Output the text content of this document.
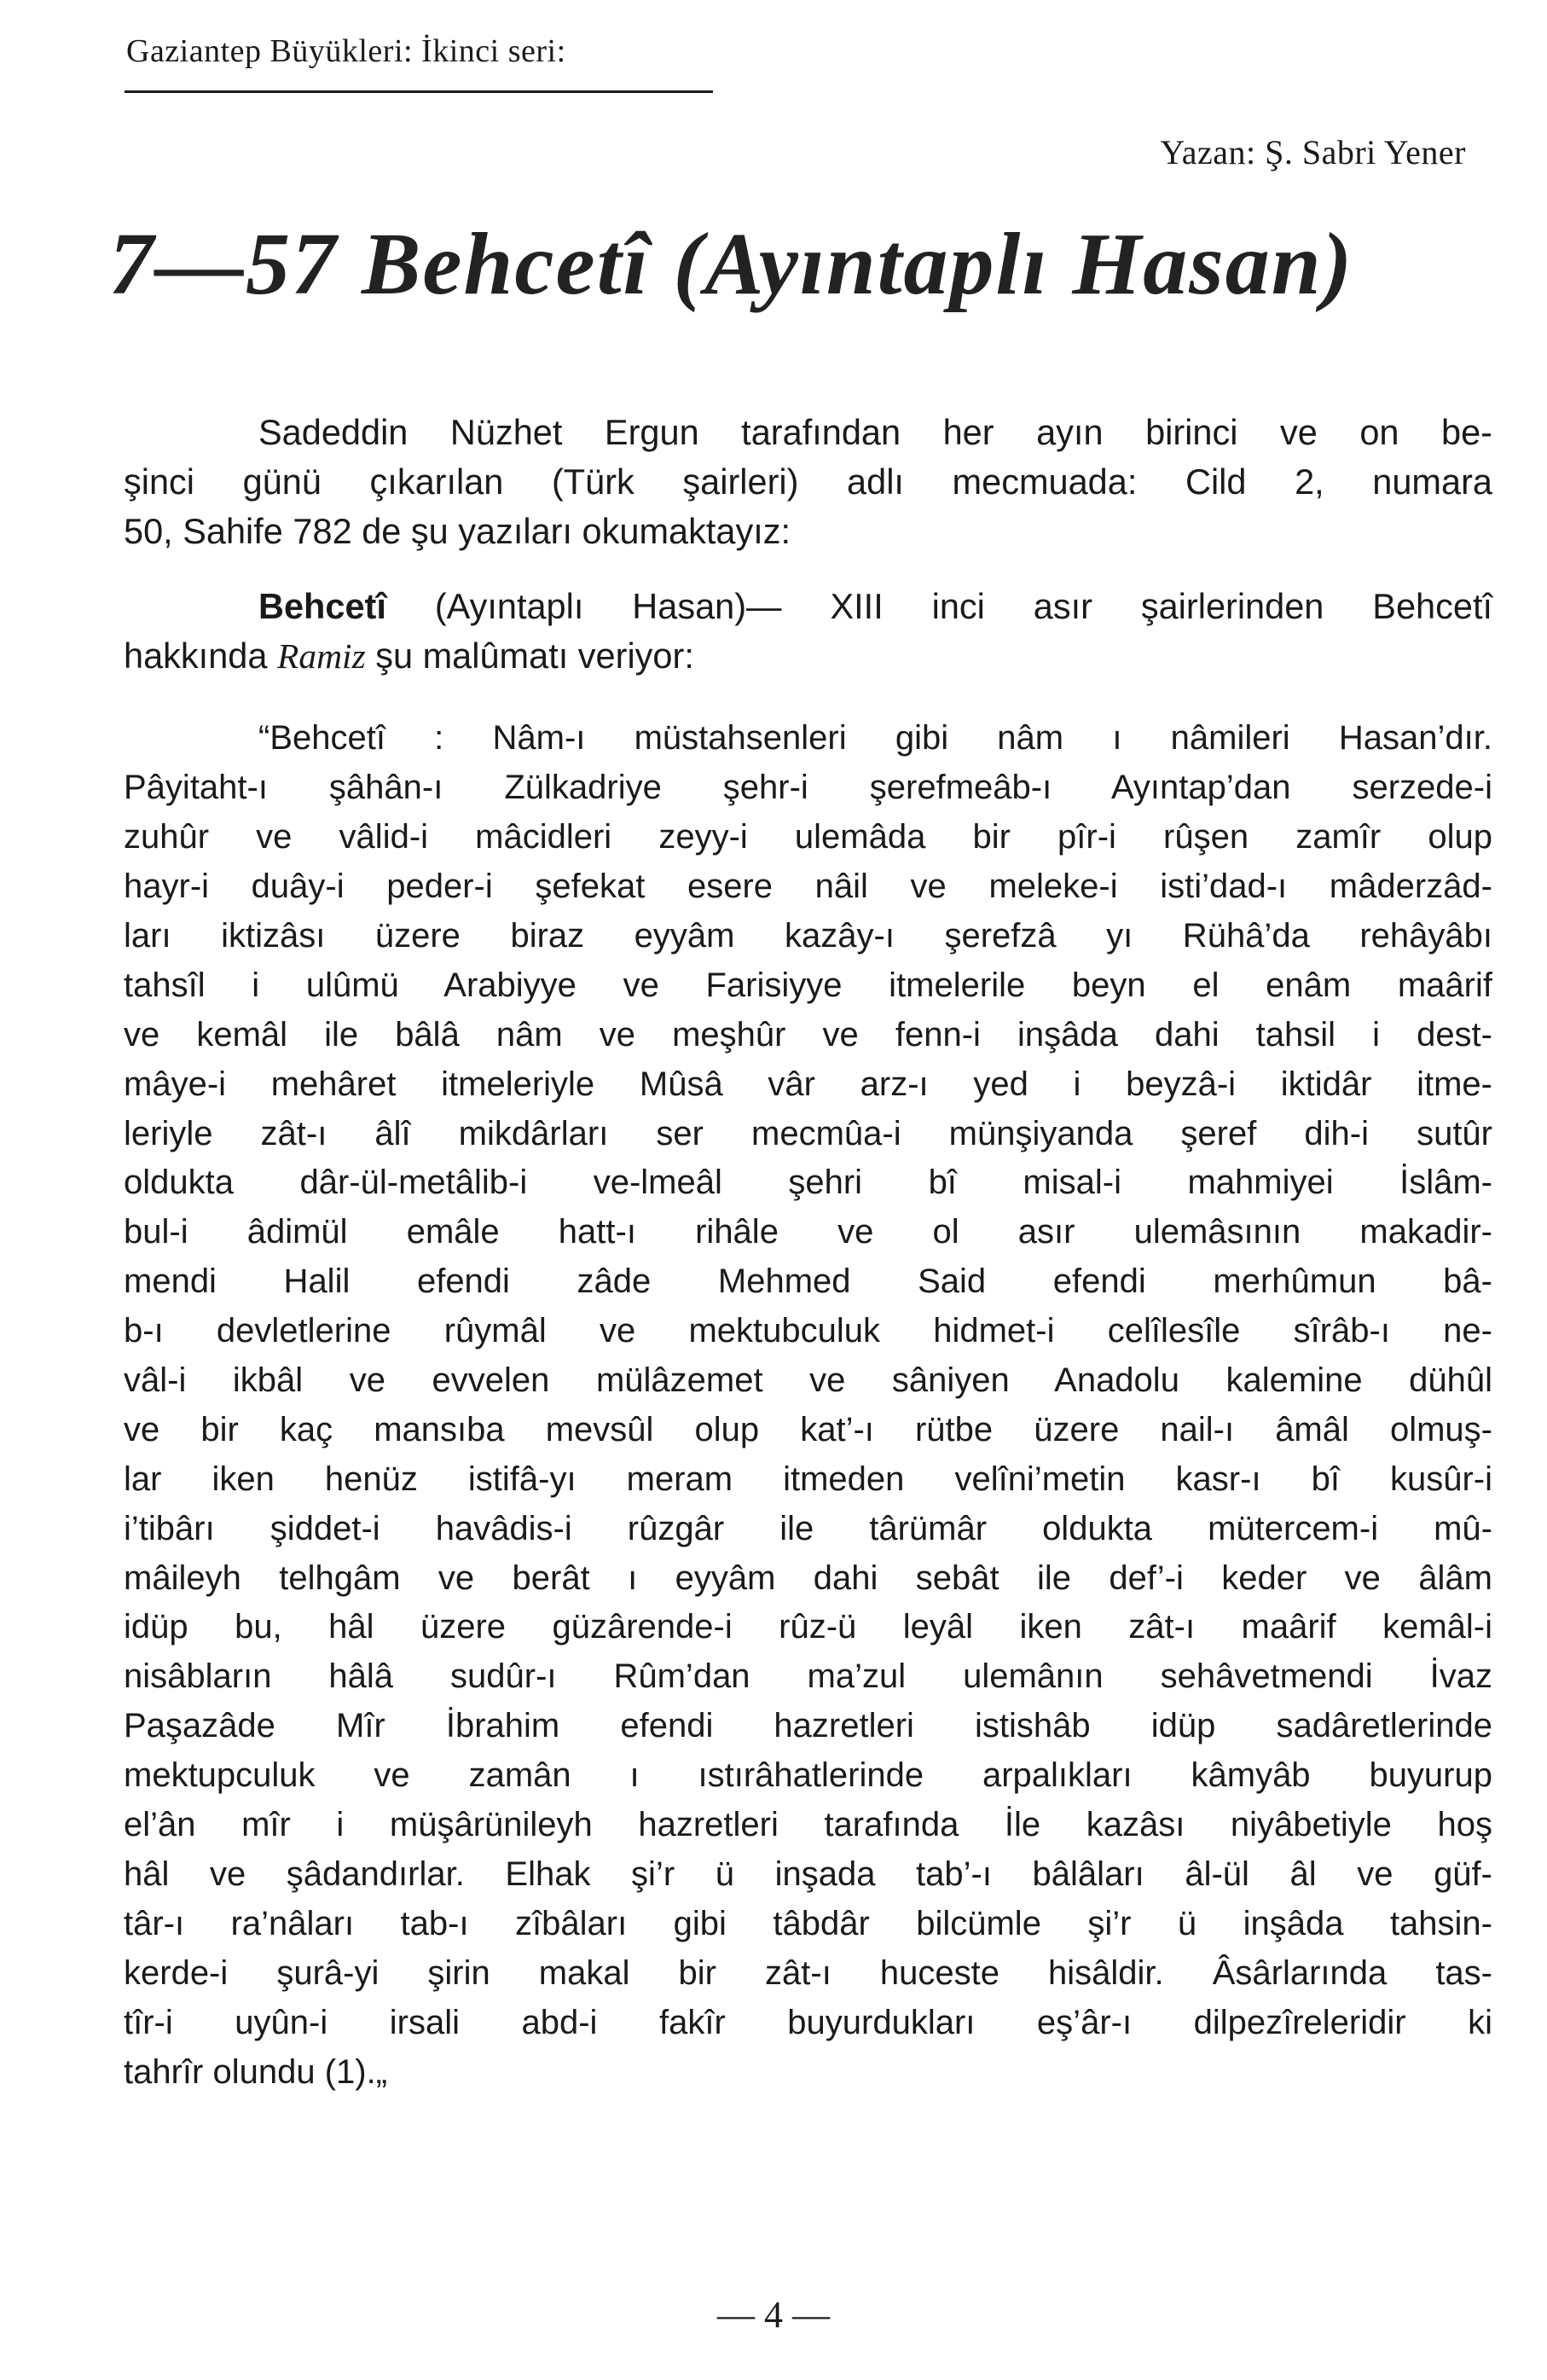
Gaziantep Büyükleri: İkinci seri:
Yazan: Ş. Sabri Yener
7—57 Behcetî (Ayıntaplı Hasan)
Sadeddin Nüzhet Ergun tarafından her ayın birinci ve on be-
şinci günü çıkarılan (Türk şairleri) adlı mecmuada: Cild 2, numara
50, Sahife 782 de şu yazıları okumaktayız:
Behcetî (Ayıntaplı Hasan)— XIII inci asır şairlerinden Behcetî
hakkında Ramiz şu malûmatı veriyor:
“Behcetî : Nâm-ı müstahsenleri gibi nâm ı nâmileri Hasan’dır.
Pâyitaht-ı şâhân-ı Zülkadriye şehr-i şerefmeâb-ı Ayıntap’dan serzede-i
zuhûr ve vâlid-i mâcidleri zeyy-i ulemâda bir pîr-i rûşen zamîr olup
hayr-i duây-i peder-i şefekat esere nâil ve meleke-i isti’dad-ı mâderzâd-
ları iktizâsı üzere biraz eyyâm kazây-ı şerefzâ yı Rühâ’da rehâyâbı
tahsîl i ulûmü Arabiyye ve Farisiyye itmelerile beyn el enâm maârif
ve kemâl ile bâlâ nâm ve meşhûr ve fenn-i inşâda dahi tahsil i dest-
mâye-i mehâret itmeleriyle Mûsâ vâr arz-ı yed i beyzâ-i iktidâr itme-
leriyle zât-ı âlî mikdârları ser mecmûa-i münşiyanda şeref dih-i sutûr
oldukta dâr-ül-metâlib-i ve-lmeâl şehri bî misal-i mahmiyei İslâm-
bul-i âdimül emâle hatt-ı rihâle ve ol asır ulemâsının makadir-
mendi Halil efendi zâde Mehmed Said efendi merhûmun bâ-
b-ı devletlerine rûymâl ve mektubculuk hidmet-i celîlesîle sîrâb-ı ne-
vâl-i ikbâl ve evvelen mülâzemet ve sâniyen Anadolu kalemine dühûl
ve bir kaç mansıba mevsûl olup kat’-ı rütbe üzere nail-ı âmâl olmuş-
lar iken henüz istifâ-yı meram itmeden velîni’metin kasr-ı bî kusûr-i
i’tibârı şiddet-i havâdis-i rûzgâr ile târümâr oldukta mütercem-i mû-
mâileyh telhgâm ve berât ı eyyâm dahi sebât ile def’-i keder ve âlâm
idüp bu, hâl üzere güzârende-i rûz-ü leyâl iken zât-ı maârif kemâl-i
nisâbların hâlâ sudûr-ı Rûm’dan ma’zul ulemânın sehâvetmendi İvaz
Paşazâde Mîr İbrahim efendi hazretleri istishâb idüp sadâretlerinde
mektupculuk ve zamân ı ıstırâhatlerinde arpalıkları kâmyâb buyurup
el’ân mîr i müşârünileyh hazretleri tarafında İle kazâsı niyâbetiyle hoş
hâl ve şâdandırlar. Elhak şi’r ü inşada tab’-ı bâlâları âl-ül âl ve güf-
târ-ı ra’nâları tab-ı zîbâları gibi tâbdâr bilcümle şi’r ü inşâda tahsin-
kerde-i şurâ-yi şirin makal bir zât-ı huceste hisâldir. Âsârlarında tas-
tîr-i uyûn-i irsali abd-i fakîr buyurdukları eş’âr-ı dilpezîreleridir ki
tahrîr olundu (1).„
— 4 —
